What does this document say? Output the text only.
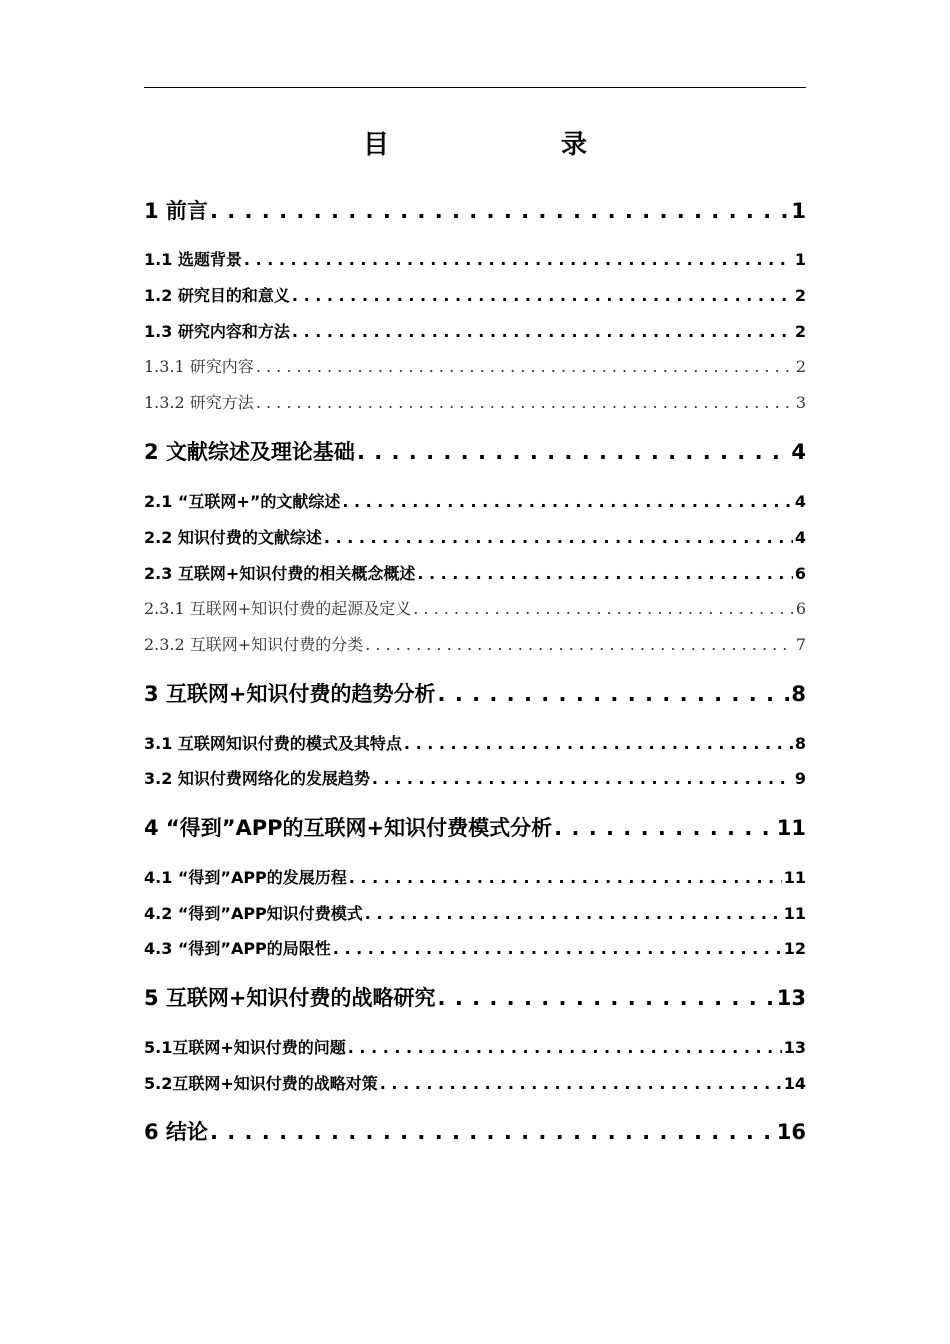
目　　录
1 前言 . . .	1
1.1 选题背景 . . .	1
1.2 研究目的和意义 . . .	2
1.3 研究内容和方法 . . .	2
1.3.1 研究内容 . . .	2
1.3.2 研究方法 . . .	3
2 文献综述及理论基础 . . .	4
2.1 “互联网+”的文献综述 . . .	4
2.2 知识付费的文献综述 . . .	4
2.3 互联网+知识付费的相关概念概述 . . .	6
2.3.1 互联网+知识付费的起源及定义 . . .	6
2.3.2 互联网+知识付费的分类 . . .	7
3 互联网+知识付费的趋势分析 . . .	8
3.1 互联网知识付费的模式及其特点 . . .	8
3.2 知识付费网络化的发展趋势 . . .	9
4 “得到”APP的互联网+知识付费模式分析 . . .	11
4.1 “得到”APP的发展历程 . . .	11
4.2 “得到”APP知识付费模式 . . .	11
4.3 “得到”APP的局限性 . . .	12
5 互联网+知识付费的战略研究 . . .	13
5.1互联网+知识付费的问题 . . .	13
5.2互联网+知识付费的战略对策 . . .	14
6 结论 . . .	16
